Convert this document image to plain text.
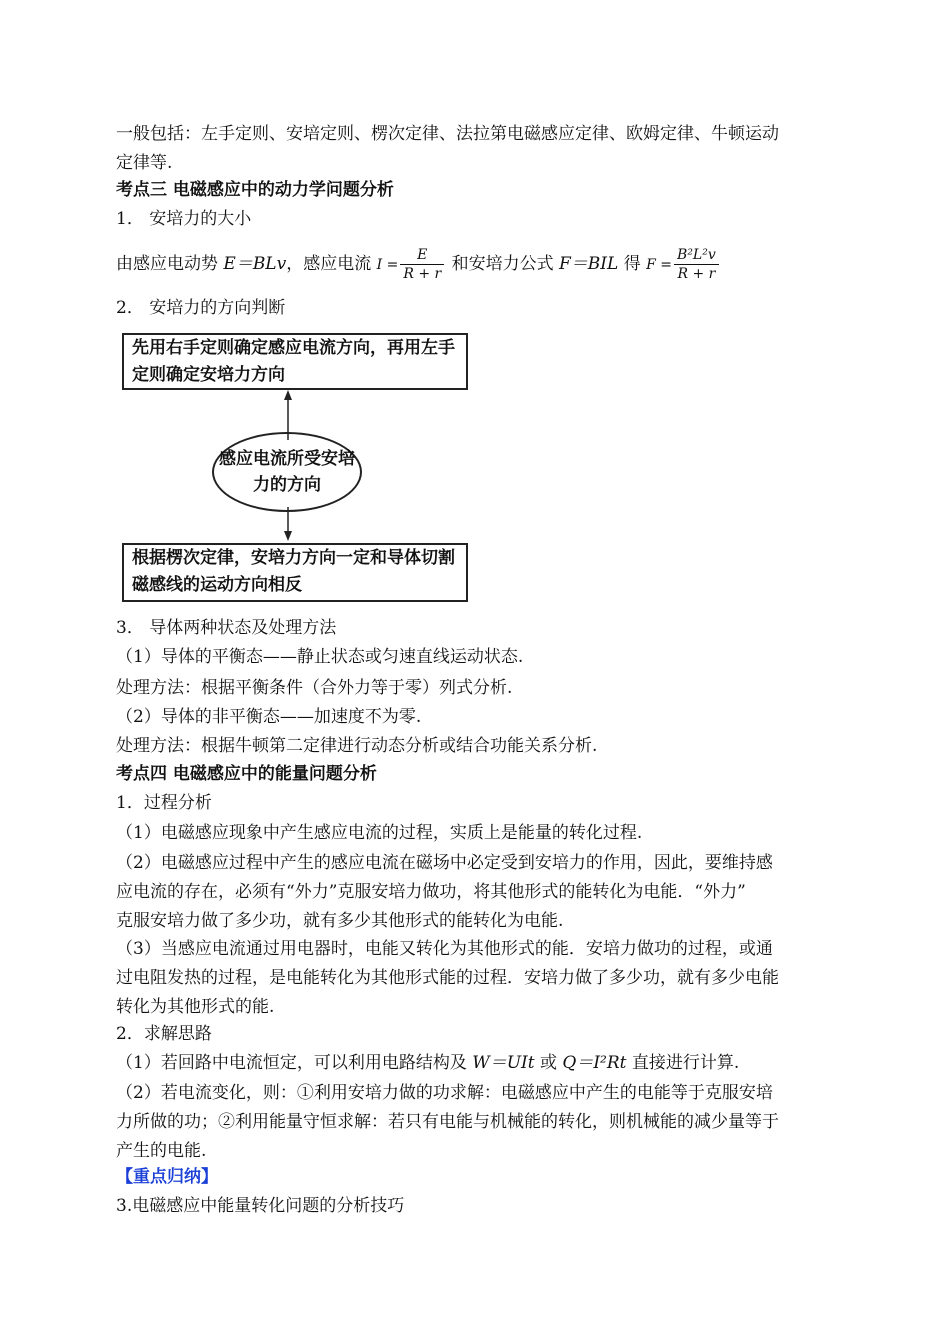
一般包括：左手定则、安培定则、楞次定律、法拉第电磁感应定律、欧姆定律、牛顿运动
定律等.
考点三 电磁感应中的动力学问题分析
1． 安培力的大小
由感应电动势 E＝BLv，感应电流 $I = \frac{E}{R + r}$ 和安培力公式 F＝BIL 得 $F = \frac{\text{B²L²v}}{R + r}$
2． 安培力的方向判断
先用右手定则确定感应电流方向，再用左手定则确定安培力方向
感应电流所受安培力的方向
根据楞次定律，安培力方向一定和导体切割磁感线的运动方向相反
3． 导体两种状态及处理方法
（1）导体的平衡态——静止状态或匀速直线运动状态.
处理方法：根据平衡条件（合外力等于零）列式分析.
（2）导体的非平衡态——加速度不为零.
处理方法：根据牛顿第二定律进行动态分析或结合功能关系分析.
考点四 电磁感应中的能量问题分析
1．过程分析
（1）电磁感应现象中产生感应电流的过程，实质上是能量的转化过程.
（2）电磁感应过程中产生的感应电流在磁场中必定受到安培力的作用，因此，要维持感
应电流的存在，必须有“外力”克服安培力做功，将其他形式的能转化为电能．“外力”
克服安培力做了多少功，就有多少其他形式的能转化为电能.
（3）当感应电流通过用电器时，电能又转化为其他形式的能．安培力做功的过程，或通
过电阻发热的过程，是电能转化为其他形式能的过程．安培力做了多少功，就有多少电能
转化为其他形式的能.
2．求解思路
（1）若回路中电流恒定，可以利用电路结构及 W＝UIt 或 Q＝I²Rt 直接进行计算.
（2）若电流变化，则：①利用安培力做的功求解：电磁感应中产生的电能等于克服安培
力所做的功；②利用能量守恒求解：若只有电能与机械能的转化，则机械能的减少量等于
产生的电能.
【重点归纳】
3.电磁感应中能量转化问题的分析技巧
